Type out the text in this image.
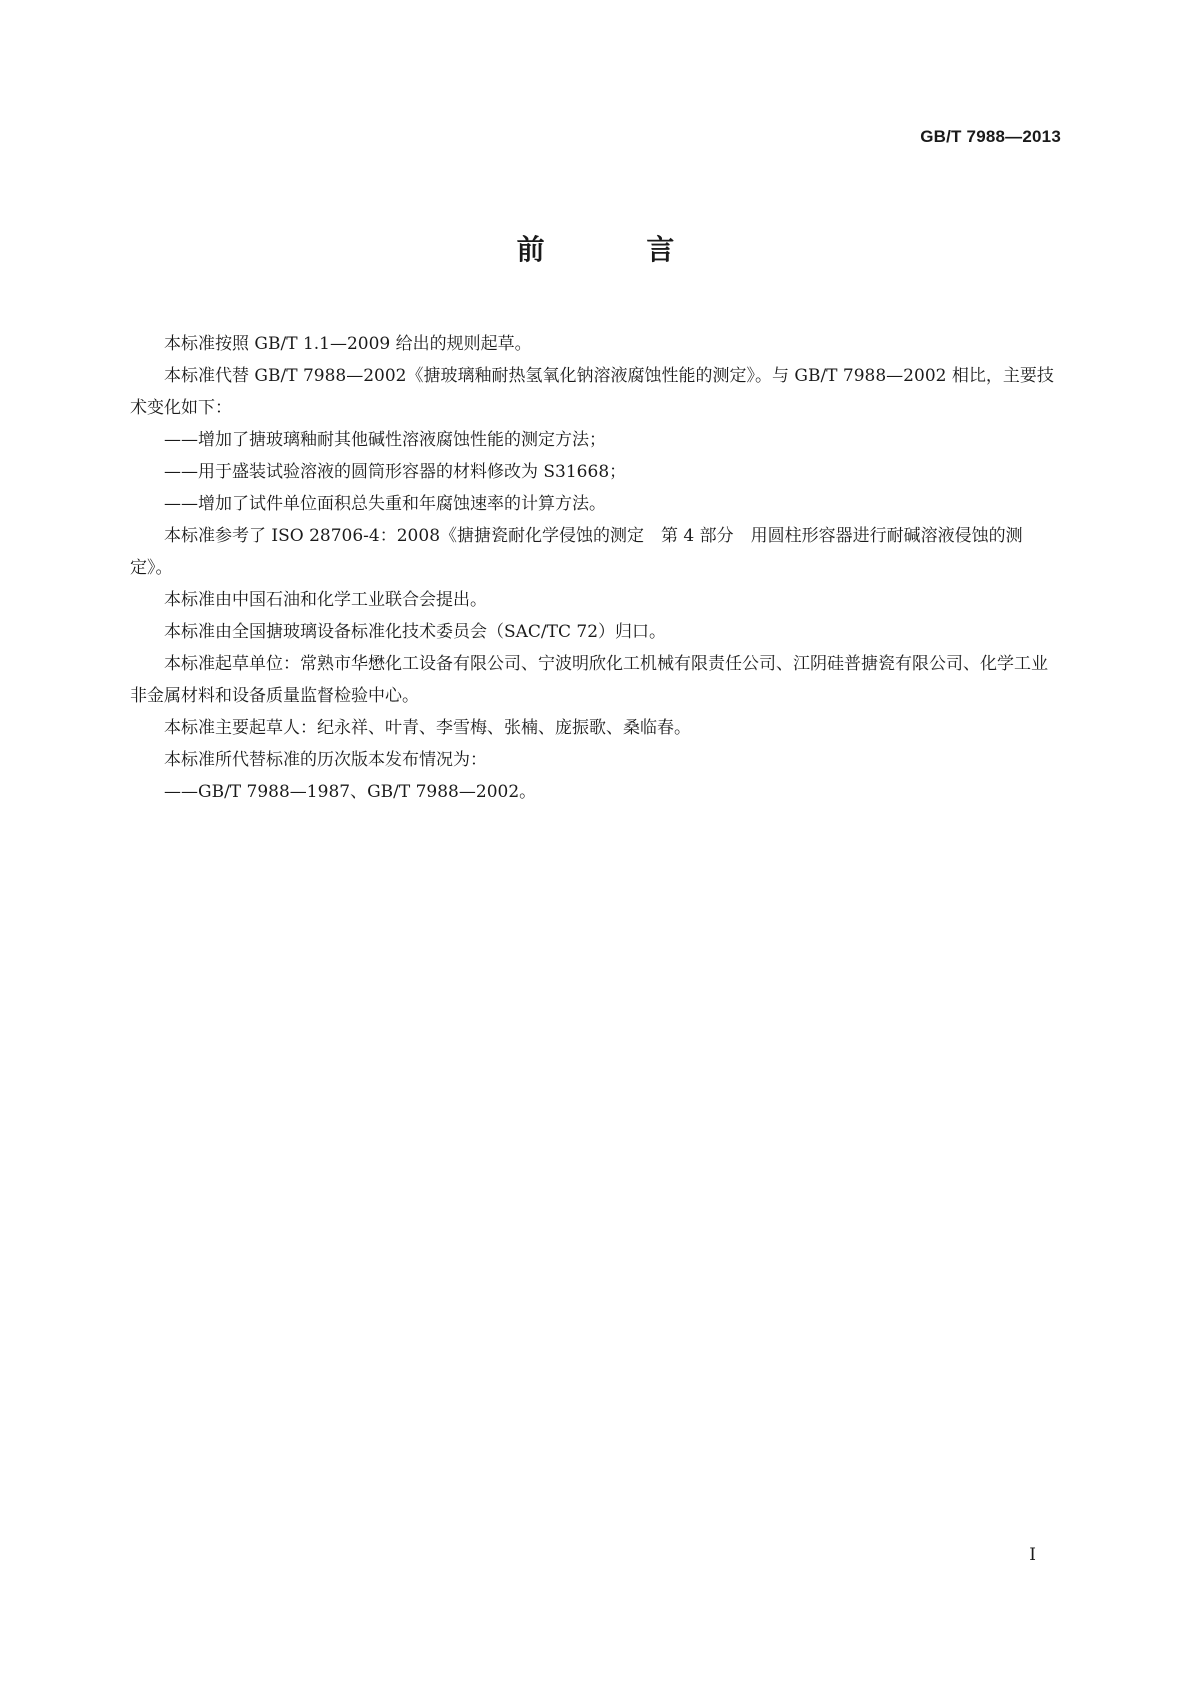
GB/T 7988—2013
前 言

本标准按照 GB/T 1.1—2009 给出的规则起草。

本标准代替 GB/T 7988—2002《搪玻璃釉耐热氢氧化钠溶液腐蚀性能的测定》。与 GB/T 7988—2002 相比，主要技术变化如下：

——增加了搪玻璃釉耐其他碱性溶液腐蚀性能的测定方法；

——用于盛装试验溶液的圆筒形容器的材料修改为 S31668；

——增加了试件单位面积总失重和年腐蚀速率的计算方法。

本标准参考了 ISO 28706-4：2008《搪搪瓷耐化学侵蚀的测定　第 4 部分　用圆柱形容器进行耐碱溶液侵蚀的测定》。

本标准由中国石油和化学工业联合会提出。

本标准由全国搪玻璃设备标准化技术委员会（SAC/TC 72）归口。

本标准起草单位：常熟市华懋化工设备有限公司、宁波明欣化工机械有限责任公司、江阴硅普搪瓷有限公司、化学工业非金属材料和设备质量监督检验中心。

本标准主要起草人：纪永祥、叶青、李雪梅、张楠、庞振歌、桑临春。

本标准所代替标准的历次版本发布情况为：

——GB/T 7988—1987、GB/T 7988—2002。

I
